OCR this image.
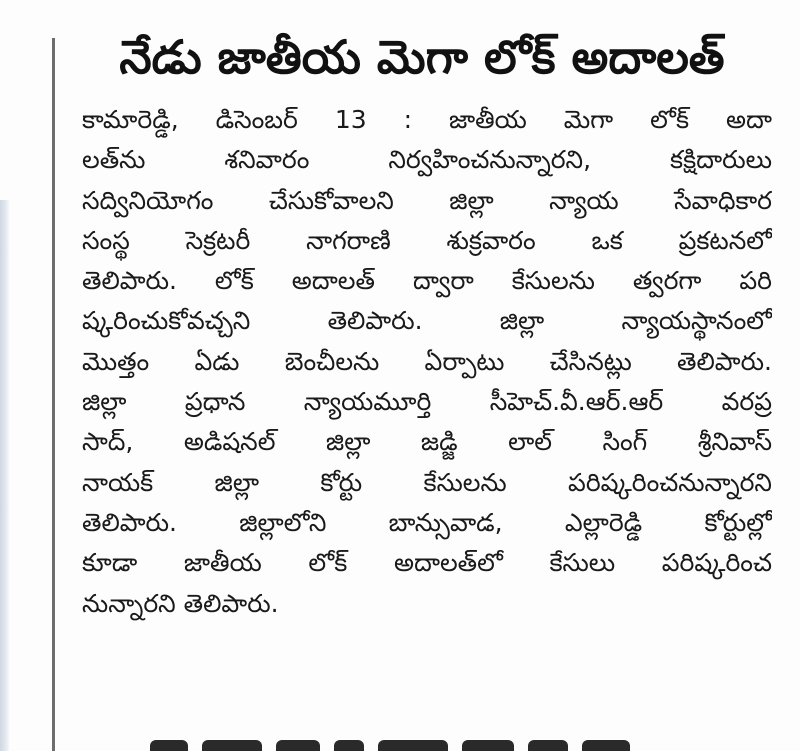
నేడు జాతీయ మెగా లోక్ అదాలత్
కామారెడ్డి, డిసెంబర్ 13 : జాతీయ మెగా లోక్ అదా
లత్‌ను శనివారం నిర్వహించనున్నారని, కక్షిదారులు
సద్వినియోగం చేసుకోవాలని జిల్లా న్యాయ సేవాధికార
సంస్థ సెక్రటరీ నాగరాణి శుక్రవారం ఒక ప్రకటనలో
తెలిపారు. లోక్ అదాలత్ ద్వారా కేసులను త్వరగా పరి
ష్కరించుకోవచ్చని తెలిపారు. జిల్లా న్యాయస్థానంలో
మొత్తం ఏడు బెంచీలను ఏర్పాటు చేసినట్లు తెలిపారు.
జిల్లా ప్రధాన న్యాయమూర్తి సీహెచ్.వీ.ఆర్.ఆర్ వరప్ర
సాద్, అడిషనల్ జిల్లా జడ్జి లాల్ సింగ్ శ్రీనివాస్
నాయక్ జిల్లా కోర్టు కేసులను పరిష్కరించనున్నారని
తెలిపారు. జిల్లాలోని బాన్సువాడ, ఎల్లారెడ్డి కోర్టుల్లో
కూడా జాతీయ లోక్ అదాలత్‌లో కేసులు పరిష్కరించ
నున్నారని తెలిపారు.
